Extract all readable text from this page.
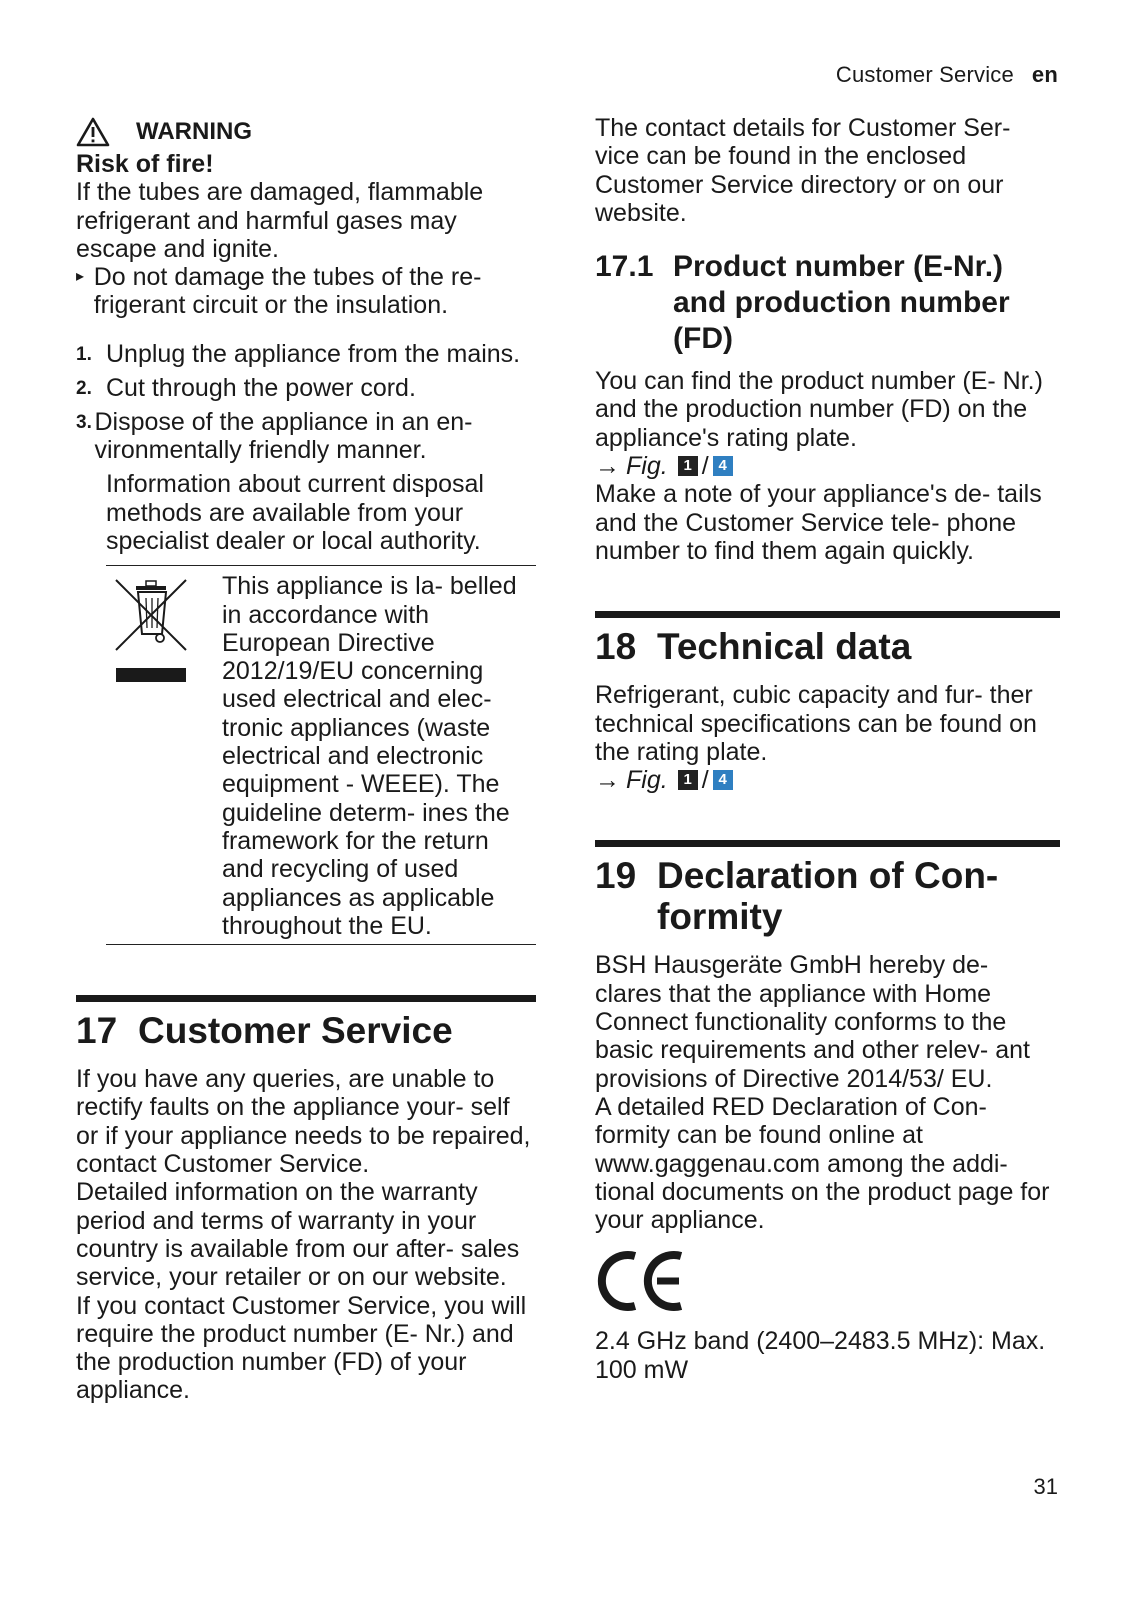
Customer Service en
WARNING

Risk of fire!

If the tubes are damaged, flammable refrigerant and harmful gases may escape and ignite.

▸ Do not damage the tubes of the re- frigerant circuit or the insulation.
1. Unplug the appliance from the mains.
2. Cut through the power cord.
3. Dispose of the appliance in an en- vironmentally friendly manner.

Information about current disposal methods are available from your specialist dealer or local authority.

This appliance is la- belled in accordance with European Directive 2012/19/EU concerning used electrical and elec- tronic appliances (waste electrical and electronic equipment - WEEE). The guideline determ- ines the framework for the return and recycling of used appliances as applicable throughout the EU.
17 Customer Service

If you have any queries, are unable to rectify faults on the appliance your- self or if your appliance needs to be repaired, contact Customer Service.

Detailed information on the warranty period and terms of warranty in your country is available from our after- sales service, your retailer or on our website.

If you contact Customer Service, you will require the product number (E- Nr.) and the production number (FD) of your appliance.

The contact details for Customer Ser- vice can be found in the enclosed Customer Service directory or on our website.

17.1 Product number (E-Nr.) and production number (FD)

You can find the product number (E- Nr.) and the production number (FD) on the appliance's rating plate.

→ Fig.	1 / 4

Make a note of your appliance's de- tails and the Customer Service tele- phone number to find them again quickly.

18 Technical data

Refrigerant, cubic capacity and fur- ther technical specifications can be found on the rating plate.

→ Fig.	1 / 4
19 Declaration of Con- formity

BSH Hausgeräte GmbH hereby de- clares that the appliance with Home Connect functionality conforms to the basic requirements and other relev- ant provisions of Directive 2014/53/ EU.

A detailed RED Declaration of Con- formity can be found online at www.gaggenau.com among the addi- tional documents on the product page for your appliance.

2.4 GHz band (2400–2483.5 MHz): Max. 100 mW

31
